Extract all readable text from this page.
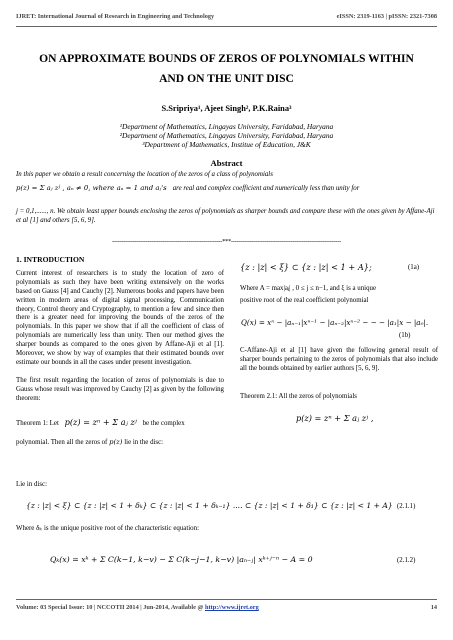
IJRET: International Journal of Research in Engineering and Technology	eISSN: 2319-1163 | pISSN: 2321-7308
ON APPROXIMATE BOUNDS OF ZEROS OF POLYNOMIALS WITHIN
AND ON THE UNIT DISC
S.Sripriya¹, Ajeet Singh², P.K.Raina³
¹Department of Mathematics, Lingayas University, Faridabad, Haryana
²Department of Mathematics, Lingayas University, Faridabad, Haryana
³Department of Mathematics, Institue of Education, J&K
Abstract
In this paper we obtain a result concerning the location of the zeros of a class of polynomials
p(z) = Σ aⱼ zʲ , aₙ ≠ 0, where aₙ = 1 and aⱼ's are real and complex coefficient and numerically less than unity for
j = 0,1,......, n. We obtain least upper bounds enclosing the zeros of polynomials as sharper bounds and compare these with the ones given by Affane-Aji et al [1] and others [5, 6, 9].
-----------------------------------------------------------***-----------------------------------------------------------
1. INTRODUCTION
Current interest of researchers is to study the location of zero of polynomials as such they have been writing extensively on the works based on Gauss [4] and Cauchy [2]. Numerous books and papers have been written in modern areas of digital signal processing, Communication theory, Control theory and Cryptography, to mention a few and since then there is a greater need for improving the bounds of the zeros of the polynomials. In this paper we show that if all the coefficient of class of polynomials are numerically less than unity. Then our method gives the sharper bounds as compared to the ones given by Affane-Aji et al [1]. Moreover, we show by way of examples that their estimated bounds over estimate our bounds in all the cases under present investigation.
The first result regarding the location of zeros of polynomials is due to Gauss whose result was improved by Cauchy [2] as given by the following theorem:
Theorem 1: Let p(z) = zⁿ + Σ aⱼ zʲ be the complex
polynomial. Then all the zeros of p(z) lie in the disc:
{z : |z| < ξ} ⊂ {z : |z| < 1 + A};	(1a)
Where A = max|aⱼ| , 0 ≤ j ≤ n−1, and ξ is a unique
positive root of the real coefficient polynomial
Q(x) = xⁿ − |aₙ₋₁|xⁿ⁻¹ − |aₙ₋₂|xⁿ⁻² − − − |a₁|x − |a₀|.
(1b)
C-Affane-Aji et al [1] have given the following general result of sharper bounds pertaining to the zeros of polynomials that also include all the bounds obtained by earlier authors [5, 6, 9].
Theorem 2.1: All the zeros of polynomials
p(z) = zⁿ + Σ aⱼ zʲ ,
Lie in disc:
{z : |z| < ξ} ⊂ {z : |z| < 1 + δₖ} ⊂ {z : |z| < 1 + δₖ₋₁} .... ⊂ {z : |z| < 1 + δ₁} ⊂ {z : |z| < 1 + A} (2.1.1)
Where δₖ is the unique positive root of the characteristic equation:
Qₖ(x) = xᵏ + Σ C(k−1, k−v) − Σ C(k−j−1, k−v) |aₙ₋ⱼ| xᵏ⁺ʲ⁻ⁿ − A = 0	(2.1.2)
Volume: 03 Special Issue: 10 | NCCOTII 2014 | Jun-2014, Available @ http://www.ijret.org	14
